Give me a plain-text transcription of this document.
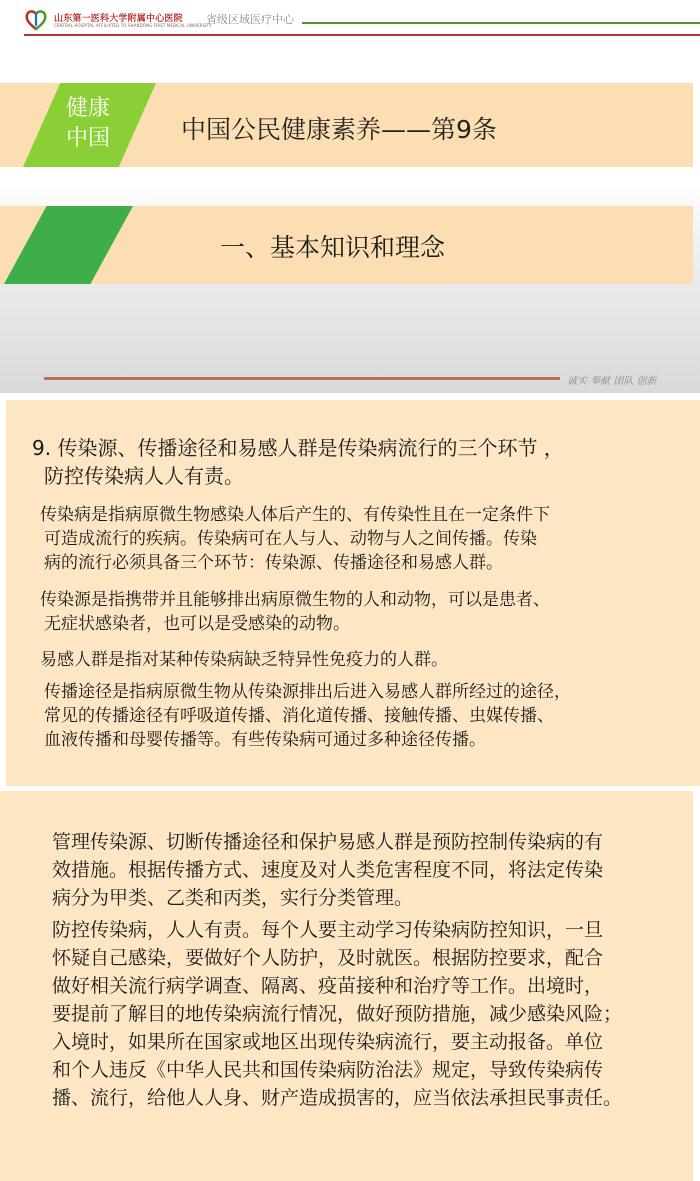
山东第一医科大学附属中心医院
CENTRAL HOSPITAL AFFILIATED TO SHANDONG FIRST MEDICAL UNIVERSITY
省级区域医疗中心
健康
中国	中国公民健康素养——第9条
一、基本知识和理念
诚实 奉献 团队 创新
9. 传染源、传播途径和易感人群是传染病流行的三个环节 ，
防控传染病人人有责。
传染病是指病原微生物感染人体后产生的、有传染性且在一定条件下
可造成流行的疾病。传染病可在人与人、动物与人之间传播。传染
病的流行必须具备三个环节：传染源、传播途径和易感人群。
传染源是指携带并且能够排出病原微生物的人和动物，可以是患者、
无症状感染者，也可以是受感染的动物。
易感人群是指对某种传染病缺乏特异性免疫力的人群。
传播途径是指病原微生物从传染源排出后进入易感人群所经过的途径，
常见的传播途径有呼吸道传播、消化道传播、接触传播、虫媒传播、
血液传播和母婴传播等。有些传染病可通过多种途径传播。
管理传染源、切断传播途径和保护易感人群是预防控制传染病的有
效措施。根据传播方式、速度及对人类危害程度不同，将法定传染
病分为甲类、乙类和丙类，实行分类管理。
防控传染病，人人有责。每个人要主动学习传染病防控知识，一旦
怀疑自己感染，要做好个人防护，及时就医。根据防控要求，配合
做好相关流行病学调查、隔离、疫苗接种和治疗等工作。出境时，
要提前了解目的地传染病流行情况，做好预防措施，减少感染风险；
入境时，如果所在国家或地区出现传染病流行，要主动报备。单位
和个人违反《中华人民共和国传染病防治法》规定，导致传染病传
播、流行，给他人人身、财产造成损害的，应当依法承担民事责任。
